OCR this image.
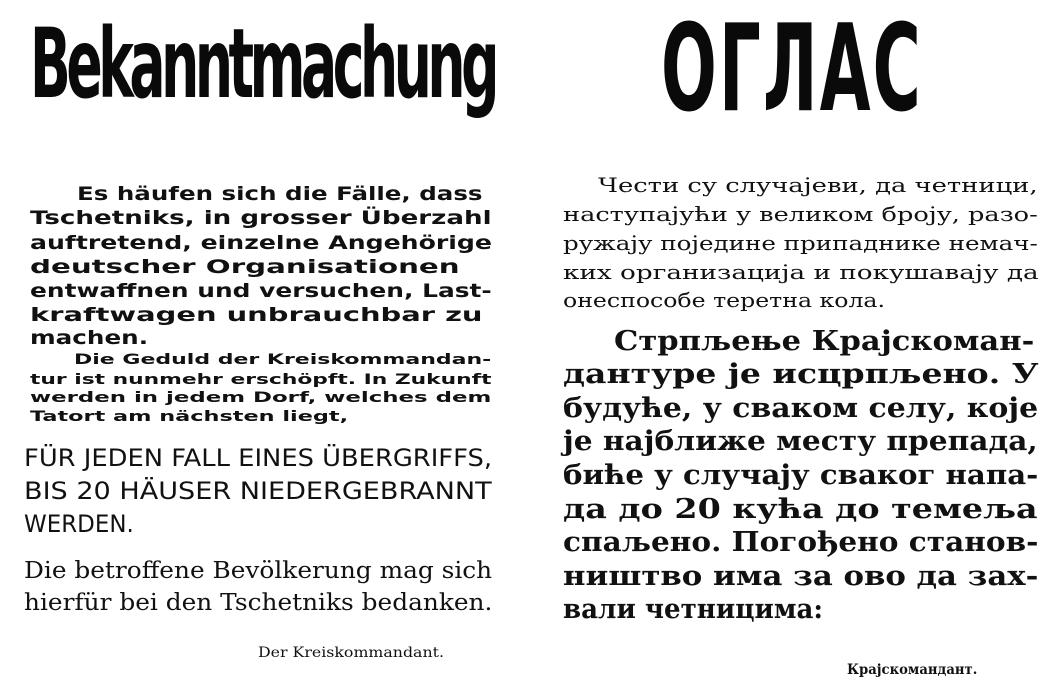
Bekanntmachung

Es häufen sich die Fälle, dass

Tschetniks, in grosser Überzahl

auftretend, einzelne Angehörige

deutscher Organisationen

entwaffnen und versuchen, Last-

kraftwagen unbrauchbar zu

machen.

Die Geduld der Kreiskommandan-

tur ist nunmehr erschöpft. In Zukunft

werden in jedem Dorf, welches dem

Tatort am nächsten liegt,

FÜR JEDEN FALL EINES ÜBERGRIFFS,

BIS 20 HÄUSER NIEDERGEBRANNT

WERDEN.

Die betroffene Bevölkerung mag sich

hierfür bei den Tschetniks bedanken.

Der Kreiskommandant.

ОГЛАС

Чести су случајеви, да четници,

наступајући у великом броју, разо-

ружају поједине припаднике немач-

ких организација и покушавају да

онеспособе теретна кола.

Стрпљење Крајскоман-

дантуре је исцрпљено. У

будуће, у сваком селу, које

је најближе месту препада,

биће у случају сваког напа-

да до 20 кућа до темеља

спаљено. Погођено станов-

ништво има за ово да зах-

вали четницима:

Крајскомандант.
